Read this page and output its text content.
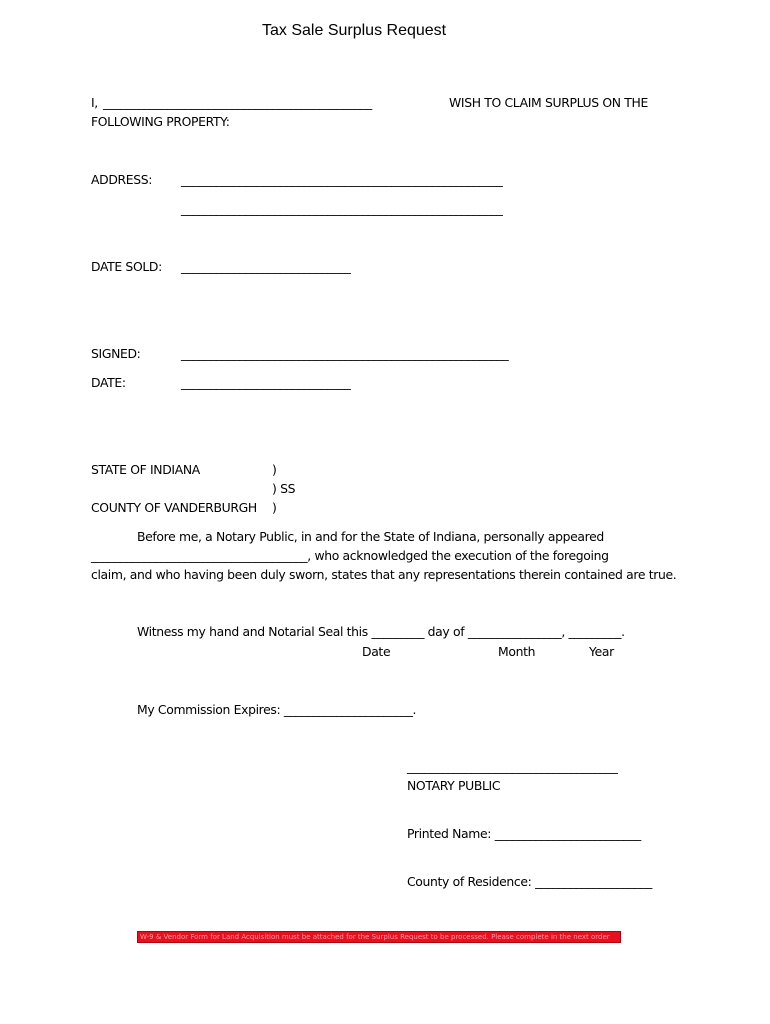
Tax Sale Surplus Request
I, ______________________________________________	WISH TO CLAIM SURPLUS ON THE
FOLLOWING PROPERTY:
ADDRESS: _______________________________________________________
_______________________________________________________
DATE SOLD: _____________________________
SIGNED:	________________________________________________________
DATE:	_____________________________
STATE OF INDIANA	)
) SS
COUNTY OF VANDERBURGH )
Before me, a Notary Public, in and for the State of Indiana, personally appeared
_____________________________________, who acknowledged the execution of the foregoing
claim, and who having been duly sworn, states that any representations therein contained are true.
Witness my hand and Notarial Seal this _________ day of ________________, _________.
Date	Month	Year
My Commission Expires: ______________________.
____________________________________
NOTARY PUBLIC
Printed Name: _________________________
County of Residence: ____________________
W-9 & Vendor Form for Land Acquisition must be attached for the Surplus Request to be processed. Please complete in the next order
